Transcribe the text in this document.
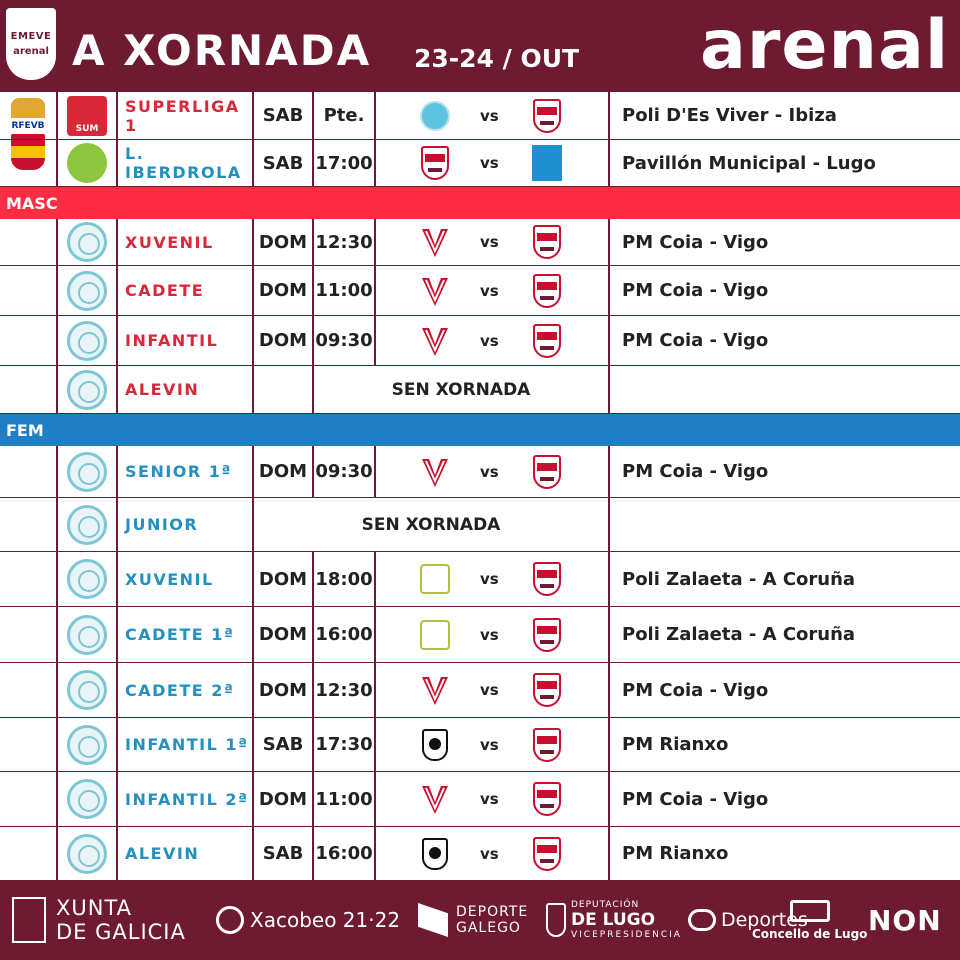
EMEVE
arenal A XORNADA 23-24 / OUT arenal
RFEVB
SUM
SUPERLIGA 1	SAB	Pte.	vs	Poli D'Es Viver - Ibiza
L. IBERDROLA	SAB 17:00	vs	Pavillón Municipal - Lugo
MASC
XUVENIL	DOM 12:30	vs	PM Coia - Vigo
CADETE	DOM 11:00	vs	PM Coia - Vigo
INFANTIL	DOM 09:30	vs	PM Coia - Vigo
ALEVIN	SEN XORNADA
FEM
SENIOR 1ª	DOM 09:30	vs	PM Coia - Vigo
JUNIOR	SEN XORNADA
XUVENIL	DOM 18:00	vs	Poli Zalaeta - A Coruña
CADETE 1ª	DOM 16:00	vs	Poli Zalaeta - A Coruña
CADETE 2ª	DOM 12:30	vs	PM Coia - Vigo
INFANTIL 1ª SAB 17:30	vs	PM Rianxo
INFANTIL 2ª DOM 11:00	vs	PM Coia - Vigo
ALEVIN	SAB 16:00	vs	PM Rianxo
XUNTA
DE GALICIA	Xacobeo 21·22	DEPORTE
GALEGO
DEPUTACIÓN
DE LUGO
VICEPRESIDENCIA
Deportes
Concello de Lugo NON
